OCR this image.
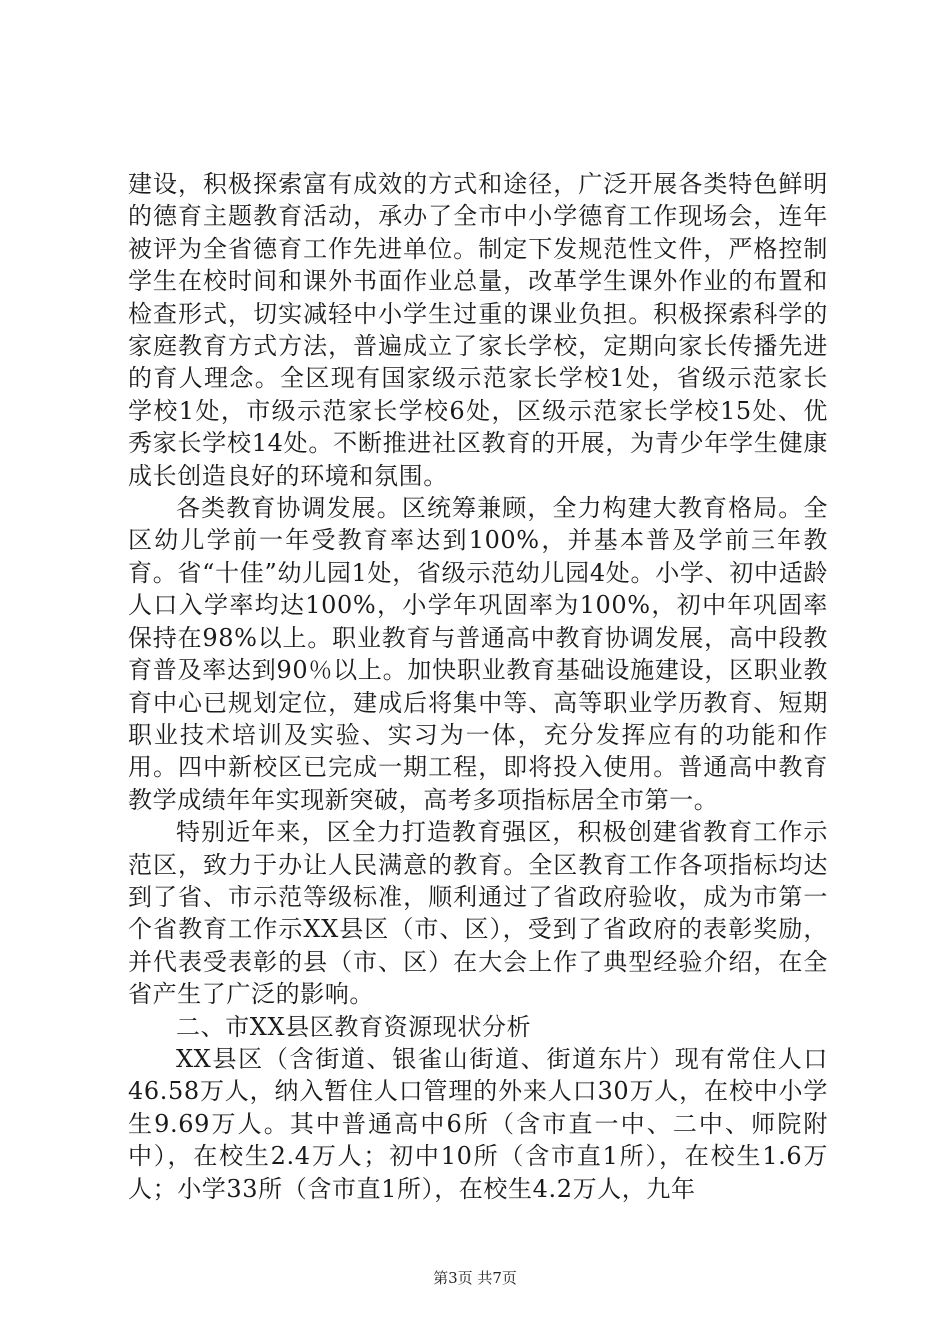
建设，积极探索富有成效的方式和途径，广泛开展各类特色鲜明的德育主题教育活动，承办了全市中小学德育工作现场会，连年被评为全省德育工作先进单位。制定下发规范性文件，严格控制学生在校时间和课外书面作业总量，改革学生课外作业的布置和检查形式，切实减轻中小学生过重的课业负担。积极探索科学的家庭教育方式方法，普遍成立了家长学校，定期向家长传播先进的育人理念。全区现有国家级示范家长学校1处，省级示范家长学校1处，市级示范家长学校6处，区级示范家长学校15处、优秀家长学校14处。不断推进社区教育的开展，为青少年学生健康成长创造良好的环境和氛围。

各类教育协调发展。区统筹兼顾，全力构建大教育格局。全区幼儿学前一年受教育率达到100%，并基本普及学前三年教育。省“十佳”幼儿园1处，省级示范幼儿园4处。小学、初中适龄人口入学率均达100%，小学年巩固率为100%，初中年巩固率保持在98%以上。职业教育与普通高中教育协调发展，高中段教育普及率达到90％以上。加快职业教育基础设施建设，区职业教育中心已规划定位，建成后将集中等、高等职业学历教育、短期职业技术培训及实验、实习为一体，充分发挥应有的功能和作用。四中新校区已完成一期工程，即将投入使用。普通高中教育教学成绩年年实现新突破，高考多项指标居全市第一。

特别近年来，区全力打造教育强区，积极创建省教育工作示范区，致力于办让人民满意的教育。全区教育工作各项指标均达到了省、市示范等级标准，顺利通过了省政府验收，成为市第一个省教育工作示XX县区（市、区），受到了省政府的表彰奖励，并代表受表彰的县（市、区）在大会上作了典型经验介绍，在全省产生了广泛的影响。

二、市XX县区教育资源现状分析

XX县区（含街道、银雀山街道、街道东片）现有常住人口46.58万人，纳入暂住人口管理的外来人口30万人，在校中小学生9.69万人。其中普通高中6所（含市直一中、二中、师院附中），在校生2.4万人；初中10所（含市直1所），在校生1.6万人；小学33所（含市直1所），在校生4.2万人，九年

第3页 共7页
